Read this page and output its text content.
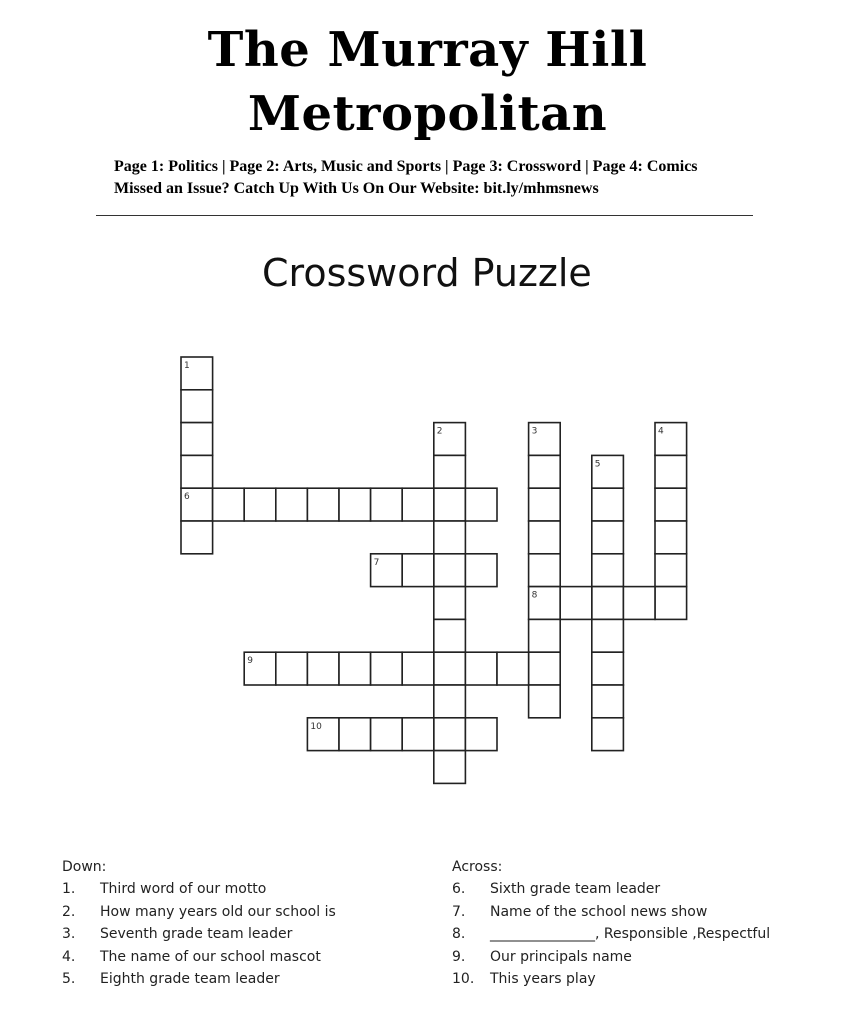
The Murray Hill
Metropolitan
Page 1: Politics | Page 2: Arts, Music and Sports | Page 3: Crossword | Page 4: Comics
Missed an Issue? Catch Up With Us On Our Website: bit.ly/mhmsnews
Crossword Puzzle
1
2	3	4
5
6
7
8
9
10
Down:
1. Third word of our motto
2. How many years old our school is
3. Seventh grade team leader
4. The name of our school mascot
5. Eighth grade team leader
Across:
6. Sixth grade team leader
7. Name of the school news show
8. _______________, Responsible ,Respectful
9. Our principals name
10. This years play
